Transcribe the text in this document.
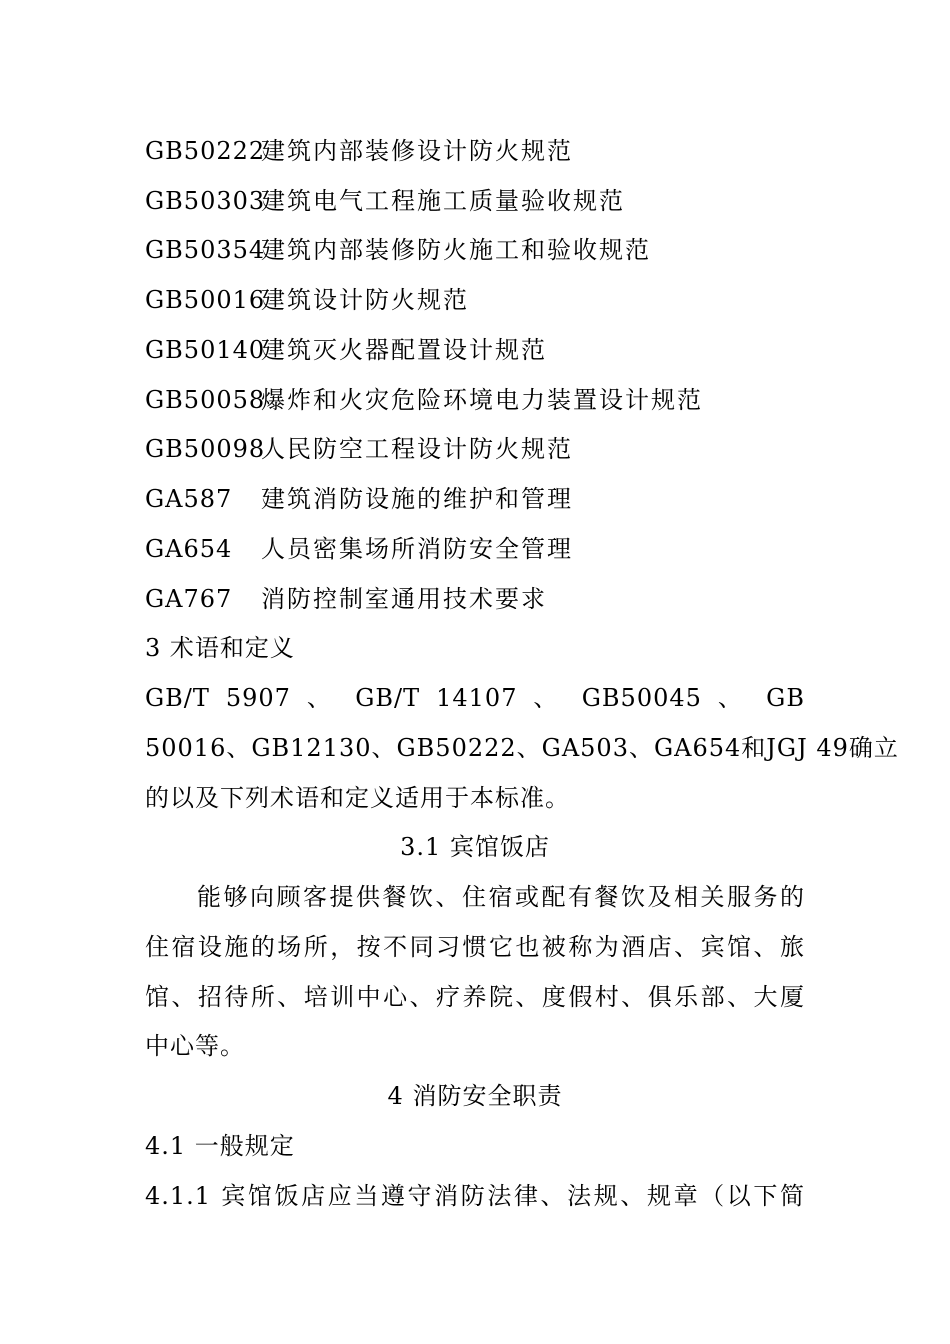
GB50222建筑内部装修设计防火规范
GB50303建筑电气工程施工质量验收规范
GB50354建筑内部装修防火施工和验收规范
GB50016建筑设计防火规范
GB50140建筑灭火器配置设计规范
GB50058爆炸和火灾危险环境电力装置设计规范
GB50098人民防空工程设计防火规范
GA587 建筑消防设施的维护和管理
GA654 人员密集场所消防安全管理
GA767 消防控制室通用技术要求
3 术语和定义
GB/T 5907 、 GB/T 14107 、 GB50045 、 GB
50016、GB12130、GB50222、GA503、GA654和JGJ 49确立
的以及下列术语和定义适用于本标准。
3.1 宾馆饭店
能够向顾客提供餐饮、住宿或配有餐饮及相关服务的
住宿设施的场所，按不同习惯它也被称为酒店、宾馆、旅
馆、招待所、培训中心、疗养院、度假村、俱乐部、大厦
中心等。
4 消防安全职责
4.1 一般规定
4.1.1 宾馆饭店应当遵守消防法律、法规、规章（以下简
